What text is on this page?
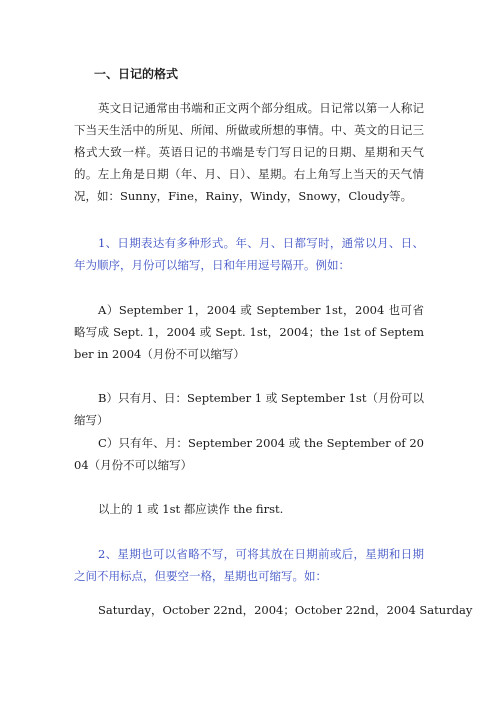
一、日记的格式

英文日记通常由书端和正文两个部分组成。日记常以第一人称记下当天生活中的所见、所闻、所做或所想的事情。中、英文的日记三格式大致一样。英语日记的书端是专门写日记的日期、星期和天气的。左上角是日期（年、月、日）、星期。右上角写上当天的天气情况，如：Sunny，Fine，Rainy，Windy，Snowy，Cloudy等。

1、日期表达有多种形式。年、月、日都写时，通常以月、日、年为顺序，月份可以缩写，日和年用逗号隔开。例如：

A）September 1，2004 或 September 1st，2004 也可省略写成 Sept. 1，2004 或 Sept. 1st，2004；the 1st of September in 2004（月份不可以缩写）

B）只有月、日：September 1 或 September 1st（月份可以缩写）

C）只有年、月：September 2004 或 the September of 2004（月份不可以缩写）

以上的 1 或 1st 都应读作 the first.

2、星期也可以省略不写，可将其放在日期前或后，星期和日期之间不用标点，但要空一格，星期也可缩写。如：

Saturday，October 22nd，2004；October 22nd，2004 Saturday
